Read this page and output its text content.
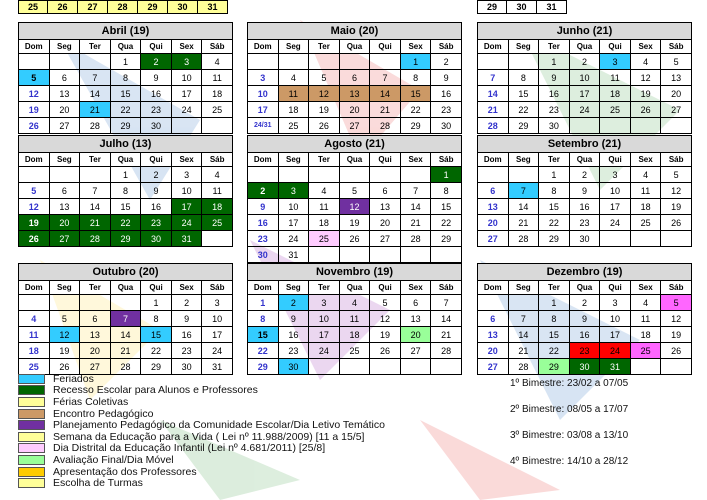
25	26	27	28	29	30	31	29	30	31
Abril (19)						
Dom	Seg	Ter	Qua	Qui	Sex	Sáb
			1	2	3	4
5	6	7	8	9	10	11
12	13	14	15	16	17	18
19	20	21	22	23	24	25
26	27	28	29	30		
Maio (20)						
Dom	Seg	Ter	Qua	Qui	Sex	Sáb
					1	2
3	4	5	6	7	8	9
10	11	12	13	14	15	16
17	18	19	20	21	22	23
24/31	25	26	27	28	29	30
Junho (21)						
Dom	Seg	Ter	Qua	Qui	Sex	Sáb
		1	2	3	4	5
7	8	9	10	11	12	13
14	15	16	17	18	19	20
21	22	23	24	25	26	27
28	29	30				
Julho (13)						
Dom	Seg	Ter	Qua	Qui	Sex	Sáb
			1	2	3	4
5	6	7	8	9	10	11
12	13	14	15	16	17	18
19	20	21	22	23	24	25
26	27	28	29	30	31	
Agosto (21)						
Dom	Seg	Ter	Qua	Qui	Sex	Sáb
						1
2	3	4	5	6	7	8
9	10	11	12	13	14	15
16	17	18	19	20	21	22
23	24	25	26	27	28	29
30	31					
Setembro (21)						
Dom	Seg	Ter	Qua	Qui	Sex	Sáb
		1	2	3	4	5
6	7	8	9	10	11	12
13	14	15	16	17	18	19
20	21	22	23	24	25	26
27	28	29	30			
Outubro (20)						
Dom	Seg	Ter	Qua	Qui	Sex	Sáb
				1	2	3
4	5	6	7	8	9	10
11	12	13	14	15	16	17
18	19	20	21	22	23	24
25	26	27	28	29	30	31
Novembro (19)						
Dom	Seg	Ter	Qua	Qui	Sex	Sáb
1	2	3	4	5	6	7
8	9	10	11	12	13	14
15	16	17	18	19	20	21
22	23	24	25	26	27	28
29	30					
Dezembro (19)						
Dom	Seg	Ter	Qua	Qui	Sex	Sáb
		1	2	3	4	5
6	7	8	9	10	11	12
13	14	15	16	17	18	19
20	21	22	23	24	25	26
27	28	29	30	31		
Feriados
Recesso Escolar para Alunos e Professores
Férias Coletivas
Encontro Pedagógico
Planejamento Pedagógico da Comunidade Escolar/Dia Letivo Temático
Semana da Educação para a Vida ( Lei nº 11.988/2009) [11 a 15/5]
Dia Distrital da Educação Infantil (Lei nº 4.681/2011) [25/8]
Avaliação Final/Dia Móvel
Apresentação dos Professores
Escolha de Turmas
1º Bimestre: 23/02 a 07/05
2º Bimestre: 08/05 a 17/07
3º Bimestre: 03/08 a 13/10
4º Bimestre: 14/10 a 28/12
